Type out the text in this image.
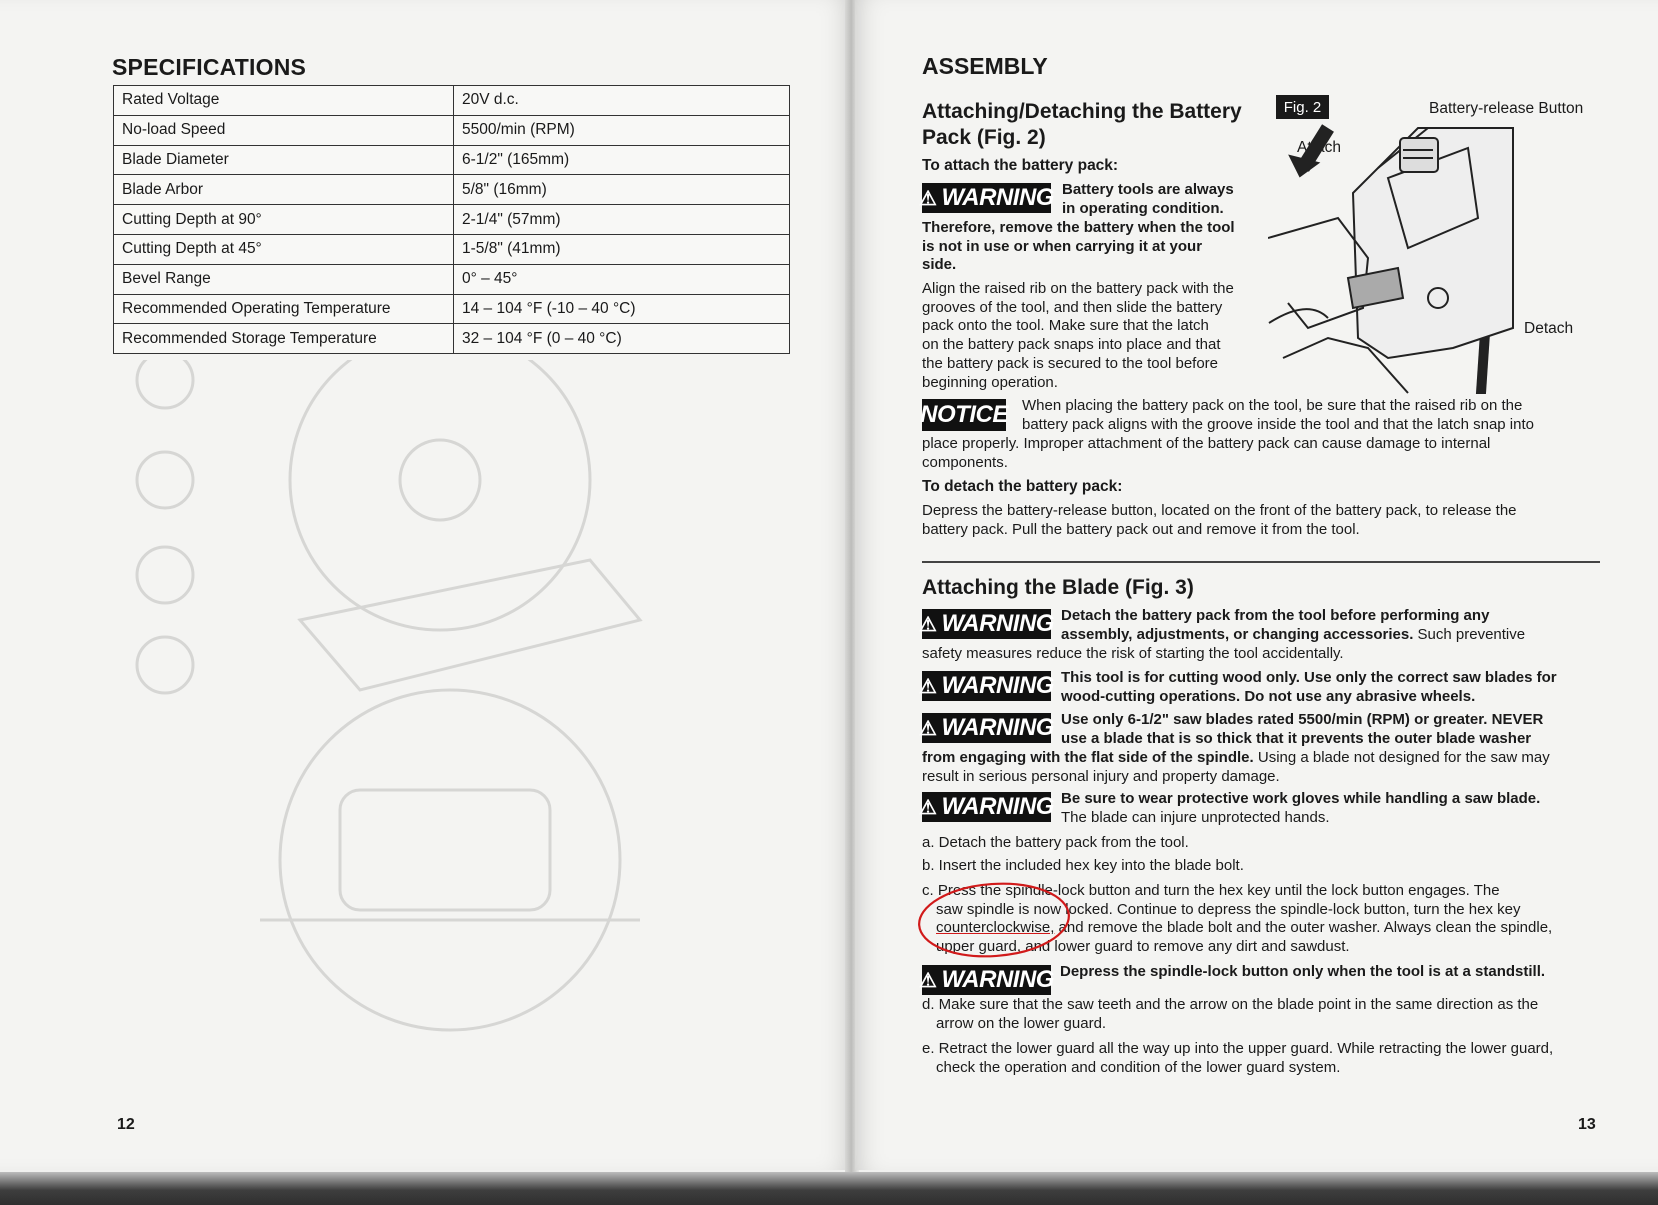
SPECIFICATIONS
Rated Voltage	20V d.c.
No-load Speed	5500/min (RPM)
Blade Diameter	6-1/2" (165mm)
Blade Arbor	5/8" (16mm)
Cutting Depth at 90°	2-1/4" (57mm)
Cutting Depth at 45°	1-5/8" (41mm)
Bevel Range	0° – 45°
Recommended Operating Temperature	14 – 104 °F (-10 – 40 °C)
Recommended Storage Temperature	32 – 104 °F (0 – 40 °C)
12
ASSEMBLY
Attaching/Detaching the Battery
Pack (Fig. 2)
To attach the battery pack:
⚠ WARNING Battery tools are always
in operating condition.
Therefore, remove the battery when the tool
is not in use or when carrying it at your
side.
Align the raised rib on the battery pack with the
grooves of the tool, and then slide the battery
pack onto the tool. Make sure that the latch
on the battery pack snaps into place and that
the battery pack is secured to the tool before
beginning operation.
Fig. 2	Battery-release Button
Attach
Detach
NOTICE When placing the battery pack on the tool, be sure that the raised rib on the
battery pack aligns with the groove inside the tool and that the latch snap into
place properly. Improper attachment of the battery pack can cause damage to internal
components.
To detach the battery pack:
Depress the battery-release button, located on the front of the battery pack, to release the
battery pack. Pull the battery pack out and remove it from the tool.
Attaching the Blade (Fig. 3)
⚠ WARNING Detach the battery pack from the tool before performing any
assembly, adjustments, or changing accessories. Such preventive
safety measures reduce the risk of starting the tool accidentally.
⚠ WARNING This tool is for cutting wood only. Use only the correct saw blades for
wood-cutting operations. Do not use any abrasive wheels.
⚠ WARNING Use only 6-1/2" saw blades rated 5500/min (RPM) or greater. NEVER
use a blade that is so thick that it prevents the outer blade washer
from engaging with the flat side of the spindle. Using a blade not designed for the saw may
result in serious personal injury and property damage.
⚠ WARNING Be sure to wear protective work gloves while handling a saw blade.
The blade can injure unprotected hands.
a. Detach the battery pack from the tool.
b. Insert the included hex key into the blade bolt.
c. Press the spindle-lock button and turn the hex key until the lock button engages. The
saw spindle is now locked. Continue to depress the spindle-lock button, turn the hex key
counterclockwise, and remove the blade bolt and the outer washer. Always clean the spindle,
upper guard, and lower guard to remove any dirt and sawdust.
⚠ WARNING Depress the spindle-lock button only when the tool is at a standstill.
d. Make sure that the saw teeth and the arrow on the blade point in the same direction as the
arrow on the lower guard.
e. Retract the lower guard all the way up into the upper guard. While retracting the lower guard,
check the operation and condition of the lower guard system.
13
